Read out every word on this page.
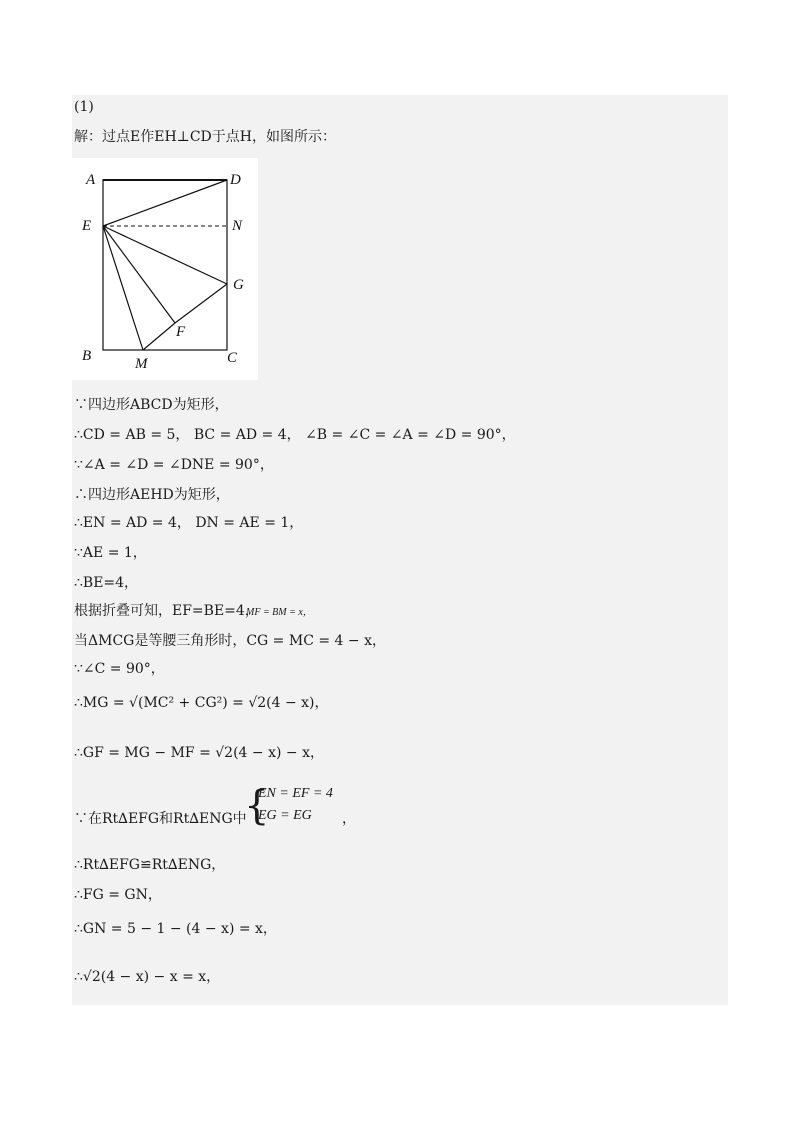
(1)
解：过点E作EH⊥CD于点H，如图所示：
A	D
E	N
G
F
B	M	C
∵四边形ABCD为矩形，
∴CD = AB = 5， BC = AD = 4， ∠B = ∠C = ∠A = ∠D = 90°，
∵∠A = ∠D = ∠DNE = 90°，
∴四边形AEHD为矩形，
∴EN = AD = 4， DN = AE = 1，
∵AE = 1，
∴BE=4，
根据折叠可知，EF=BE=4，
MF = BM = x，
当ΔMCG是等腰三角形时，CG = MC = 4 − x，
∵∠C = 90°，
∴MG = √(MC² + CG²) = √2(4 − x)，
∴GF = MG − MF = √2(4 − x) − x，
∵在Rt∆EFG和Rt∆ENG中
{
EN = EF = 4
EG = EG ，
∴Rt∆EFG≌Rt∆ENG，
∴FG = GN，
∴GN = 5 − 1 − (4 − x) = x，
∴√2(4 − x) − x = x，
